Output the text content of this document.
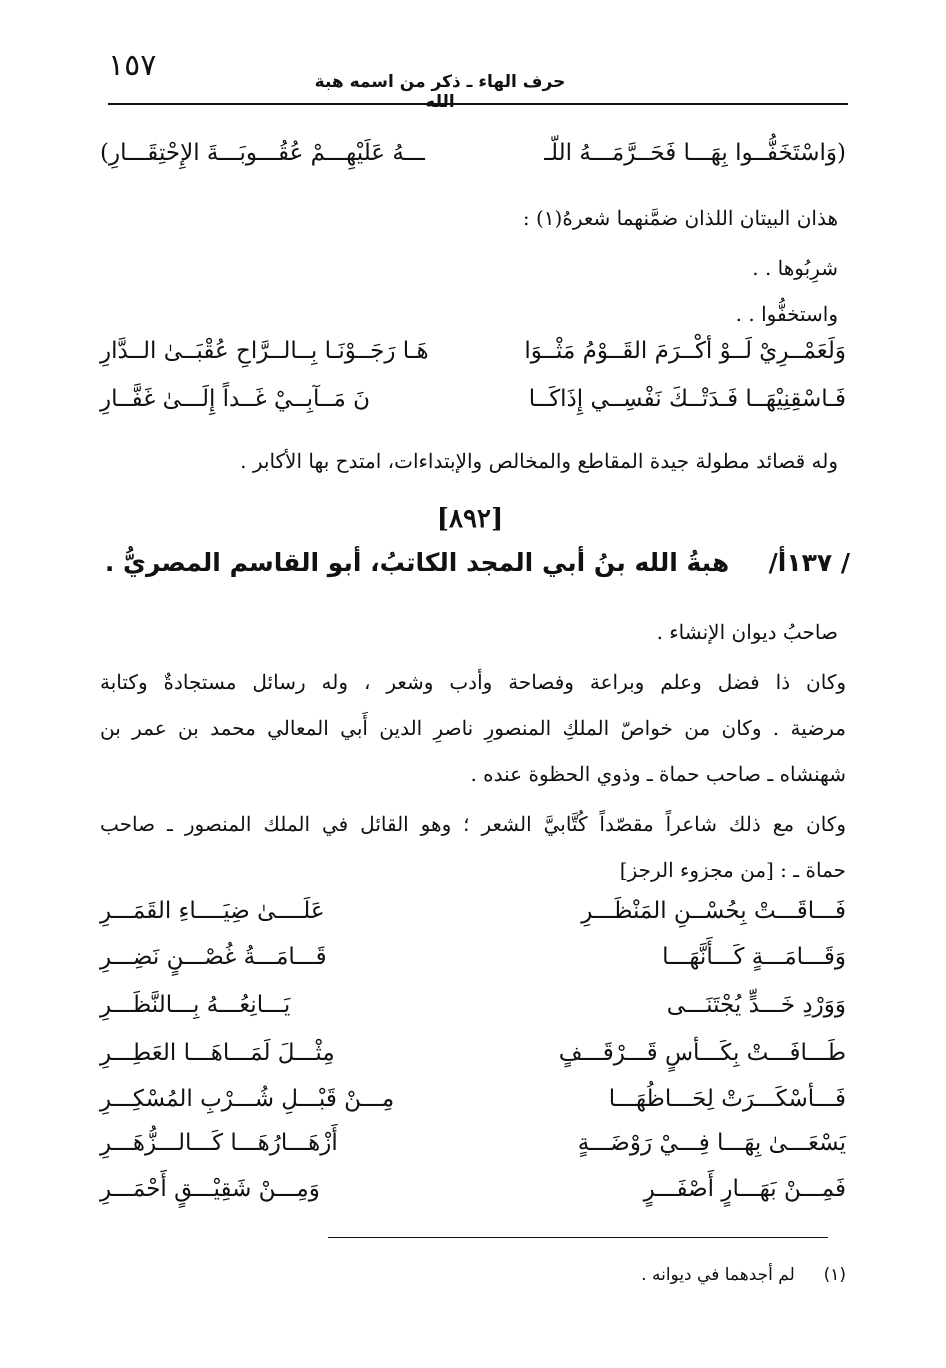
١٥٧	حرف الهاء ـ ذكر من اسمه هبة الله
(وَاسْتَخَفُّــوا بِهَـــا فَحَــرَّمَـــهُ اللّـ
ـــهُ عَلَيْهِـــمْ عُقُـــوبَـــةَ الإِحْتِقَـــارِ)
هذان البيتان اللذان ضمَّنهما شعرهُ(١) :
شرِبُوها . .
واستخفُّوا . .
وَلَعَمْــرِيْ لَــوْ أكْــرَمَ القَــوْمُ مَثْــوَا
هَـا رَجَــوْنَـا بِــالــرَّاحِ عُقْبَــىٰ الــدَّارِ
فَـاسْقِنِيْهَــا فَـدَتْــكَ نَفْسِــي إِذَاكَــا
نَ مَــآبِــيْ غَــداً إِلَـــىٰ غَفَّــارِ
وله قصائد مطولة جيدة المقاطع والمخالص والإبتداءات، امتدح بها الأكابر .
[٨٩٢]
/ ١٣٧أ/  هبةُ الله بنُ أبي المجد الكاتبُ، أبو القاسم المصريُّ .
صاحبُ ديوان الإنشاء .
وكان ذا فضل وعلم وبراعة وفصاحة وأدب وشعر ، وله رسائل مستجادةٌ وكتابة
مرضية . وكان من خواصّ الملكِ المنصورِ ناصرِ الدين أَبي المعالي محمد بن عمر بن
شهنشاه ـ صاحب حماة ـ وذوي الحظوة عنده .
وكان مع ذلك شاعراً مقصّداً كُتَّابيَّ الشعر ؛ وهو القائل في الملك المنصور ـ صاحب
حماة ـ : [من مجزوء الرجز]
فَـــاقَـــتْ بِحُسْــنِ المَنْظَـــرِ
عَلَــــىٰ ضِيَــــاءِ القَمَـــرِ
وَقَـــامَـــةٍ كَـــأَنَّهَـــا
قَـــامَـــةُ غُصْـــنٍ نَضِـــرِ
وَوَرْدِ خَـــدٍّ يُجْتَنَـــى
يَـــانِعُـــهُ بِـــالنَّظَـــرِ
طَـــافَـــتْ بِكَـــأسٍ قَـــرْقَـــفٍ
مِثْـــلَ لَمَـــاهَـــا العَطِـــرِ
فَـــأسْكَـــرَتْ لِحَـــاظُهَـــا
مِـــنْ قَبْـــلِ شُـــرْبِ المُسْكِـــرِ
يَسْعَـــىٰ بِهَـــا فِـــيْ رَوْضَـــةٍ
أَزْهَـــارُهَـــا كَـــالـــزُّهَـــرِ
فَمِـــنْ بَهَـــارٍ أَصْفَـــرٍ
وَمِـــنْ شَقِيْـــقٍ أَحْمَـــرِ
(١)  لم أجدهما في ديوانه .
